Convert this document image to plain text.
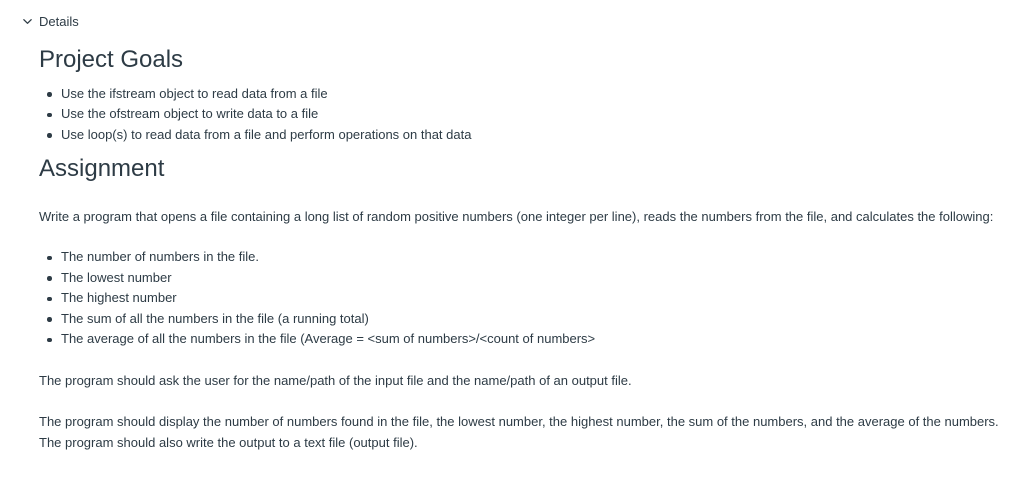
Details
Project Goals
Use the ifstream object to read data from a file
Use the ofstream object to write data to a file
Use loop(s) to read data from a file and perform operations on that data
Assignment

Write a program that opens a file containing a long list of random positive numbers (one integer per line), reads the numbers from the file, and calculates the following:

The number of numbers in the file.
The lowest number
The highest number
The sum of all the numbers in the file (a running total)
The average of all the numbers in the file (Average = <sum of numbers>/<count of numbers>

The program should ask the user for the name/path of the input file and the name/path of an output file.

The program should display the number of numbers found in the file, the lowest number, the highest number, the sum of the numbers, and the average of the numbers. The program should also write the output to a text file (output file).
